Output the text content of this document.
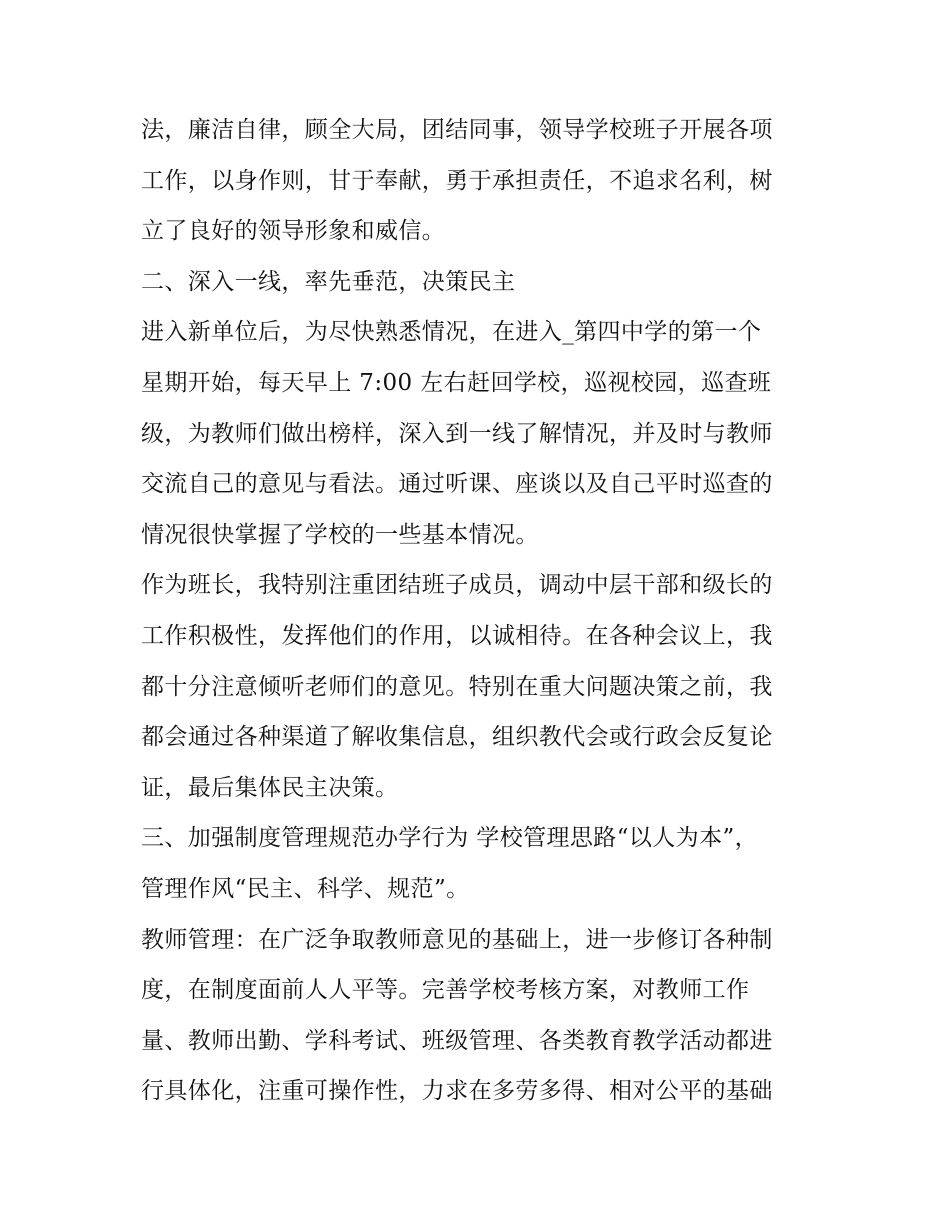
法，廉洁自律，顾全大局，团结同事，领导学校班子开展各项
工作，以身作则，甘于奉献，勇于承担责任，不追求名利，树
立了良好的领导形象和威信。
二、深入一线，率先垂范，决策民主
进入新单位后，为尽快熟悉情况，在进入_第四中学的第一个
星期开始，每天早上 7:00 左右赶回学校，巡视校园，巡查班
级，为教师们做出榜样，深入到一线了解情况，并及时与教师
交流自己的意见与看法。通过听课、座谈以及自己平时巡查的
情况很快掌握了学校的一些基本情况。
作为班长，我特别注重团结班子成员，调动中层干部和级长的
工作积极性，发挥他们的作用，以诚相待。在各种会议上，我
都十分注意倾听老师们的意见。特别在重大问题决策之前，我
都会通过各种渠道了解收集信息，组织教代会或行政会反复论
证，最后集体民主决策。
三、加强制度管理规范办学行为 学校管理思路“以人为本”，
管理作风“民主、科学、规范”。
教师管理：在广泛争取教师意见的基础上，进一步修订各种制
度，在制度面前人人平等。完善学校考核方案，对教师工作
量、教师出勤、学科考试、班级管理、各类教育教学活动都进
行具体化，注重可操作性，力求在多劳多得、相对公平的基础
